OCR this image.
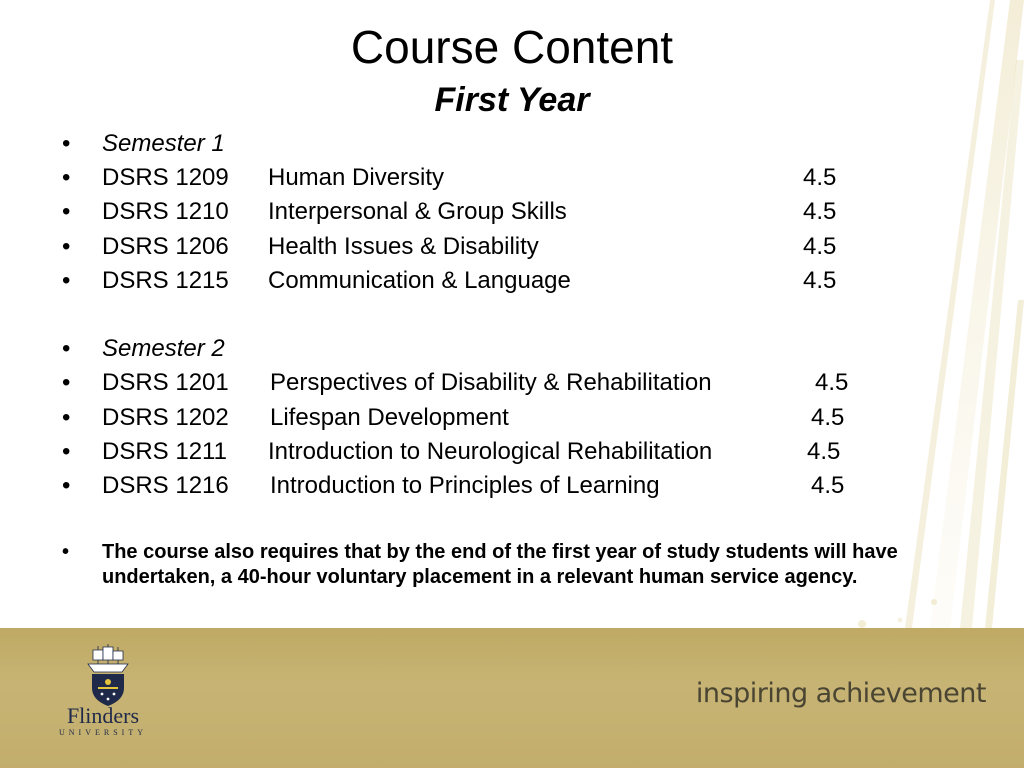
Course Content
First Year
•	Semester 1
•	DSRS 1209 Human Diversity	4.5
•	DSRS 1210 Interpersonal & Group Skills	4.5
•	DSRS 1206 Health Issues & Disability	4.5
•	DSRS 1215 Communication & Language	4.5
•	Semester 2
•	DSRS 1201 Perspectives of Disability & Rehabilitation	4.5
•	DSRS 1202 Lifespan Development	4.5
•	DSRS 1211 Introduction to Neurological Rehabilitation	4.5
•	DSRS 1216 Introduction to Principles of Learning	4.5
• The course also requires that by the end of the first year of study students will have undertaken, a 40-hour voluntary placement in a relevant human service agency.
Flinders
UNIVERSITY
inspiring achievement
